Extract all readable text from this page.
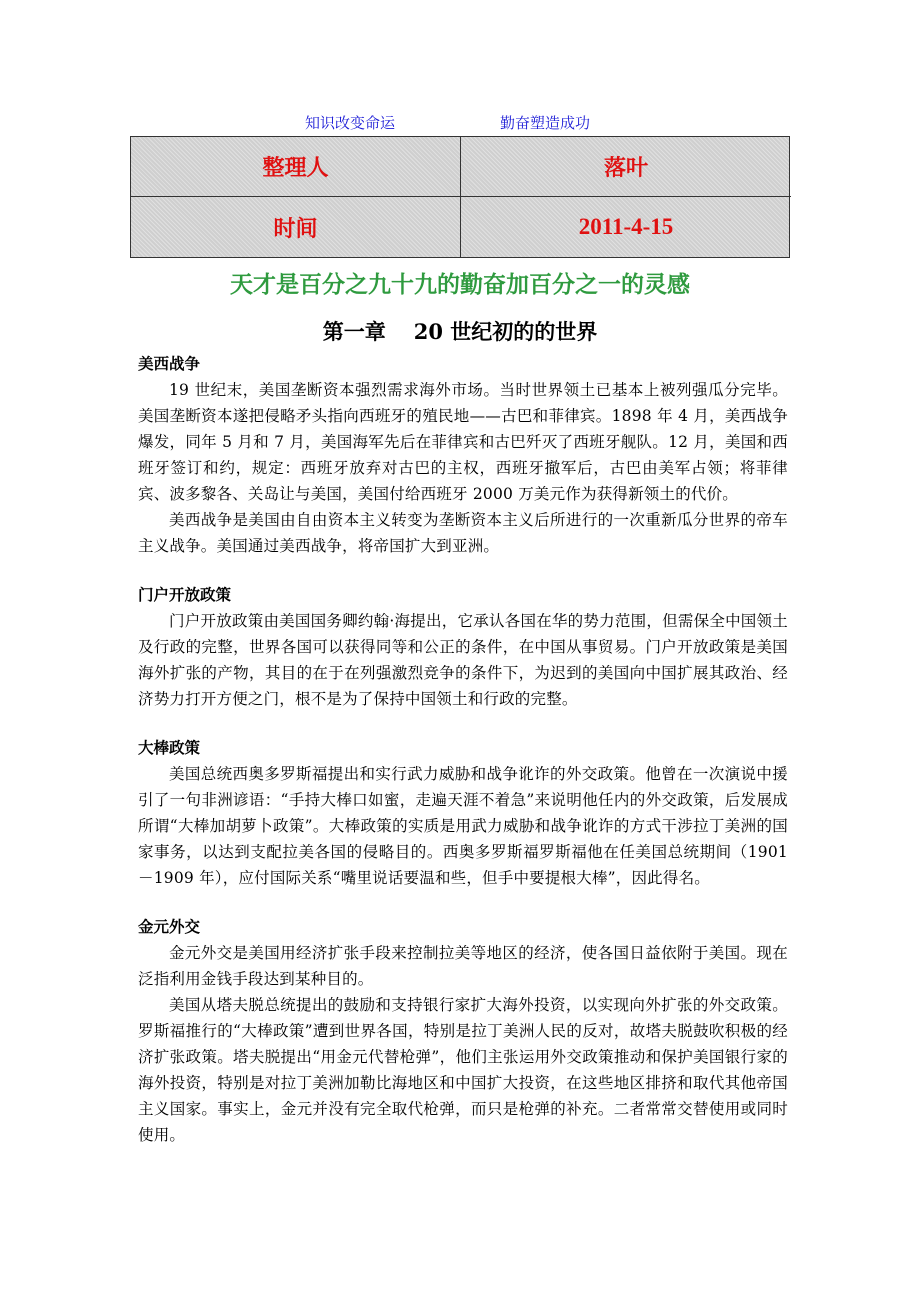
知识改变命运	勤奋塑造成功
整理人	落叶
时间	2011-4-15
天才是百分之九十九的勤奋加百分之一的灵感
第一章 20 世纪初的的世界
美西战争

19 世纪末，美国垄断资本强烈需求海外市场。当时世界领土已基本上被列强瓜分完毕。美国垄断资本遂把侵略矛头指向西班牙的殖民地——古巴和菲律宾。1898 年 4 月，美西战争爆发，同年 5 月和 7 月，美国海军先后在菲律宾和古巴歼灭了西班牙舰队。12 月，美国和西班牙签订和约，规定：西班牙放弃对古巴的主权，西班牙撤军后，古巴由美军占领；将菲律宾、波多黎各、关岛让与美国，美国付给西班牙 2000 万美元作为获得新领土的代价。

美西战争是美国由自由资本主义转变为垄断资本主义后所进行的一次重新瓜分世界的帝车主义战争。美国通过美西战争，将帝国扩大到亚洲。

门户开放政策

门户开放政策由美国国务卿约翰·海提出，它承认各国在华的势力范围，但需保全中国领土及行政的完整，世界各国可以获得同等和公正的条件，在中国从事贸易。门户开放政策是美国海外扩张的产物，其目的在于在列强激烈竞争的条件下，为迟到的美国向中国扩展其政治、经济势力打开方便之门，根不是为了保持中国领土和行政的完整。

大棒政策

美国总统西奥多罗斯福提出和实行武力威胁和战争讹诈的外交政策。他曾在一次演说中援引了一句非洲谚语：“手持大棒口如蜜，走遍天涯不着急”来说明他任内的外交政策，后发展成所谓“大棒加胡萝卜政策”。大棒政策的实质是用武力威胁和战争讹诈的方式干涉拉丁美洲的国家事务，以达到支配拉美各国的侵略目的。西奥多罗斯福罗斯福他在任美国总统期间（1901－1909 年），应付国际关系“嘴里说话要温和些，但手中要提根大棒”，因此得名。

金元外交

金元外交是美国用经济扩张手段来控制拉美等地区的经济，使各国日益依附于美国。现在泛指利用金钱手段达到某种目的。

美国从塔夫脱总统提出的鼓励和支持银行家扩大海外投资，以实现向外扩张的外交政策。罗斯福推行的“大棒政策”遭到世界各国，特别是拉丁美洲人民的反对，故塔夫脱鼓吹积极的经济扩张政策。塔夫脱提出“用金元代替枪弹”，他们主张运用外交政策推动和保护美国银行家的海外投资，特别是对拉丁美洲加勒比海地区和中国扩大投资，在这些地区排挤和取代其他帝国主义国家。事实上，金元并没有完全取代枪弹，而只是枪弹的补充。二者常常交替使用或同时使用。
